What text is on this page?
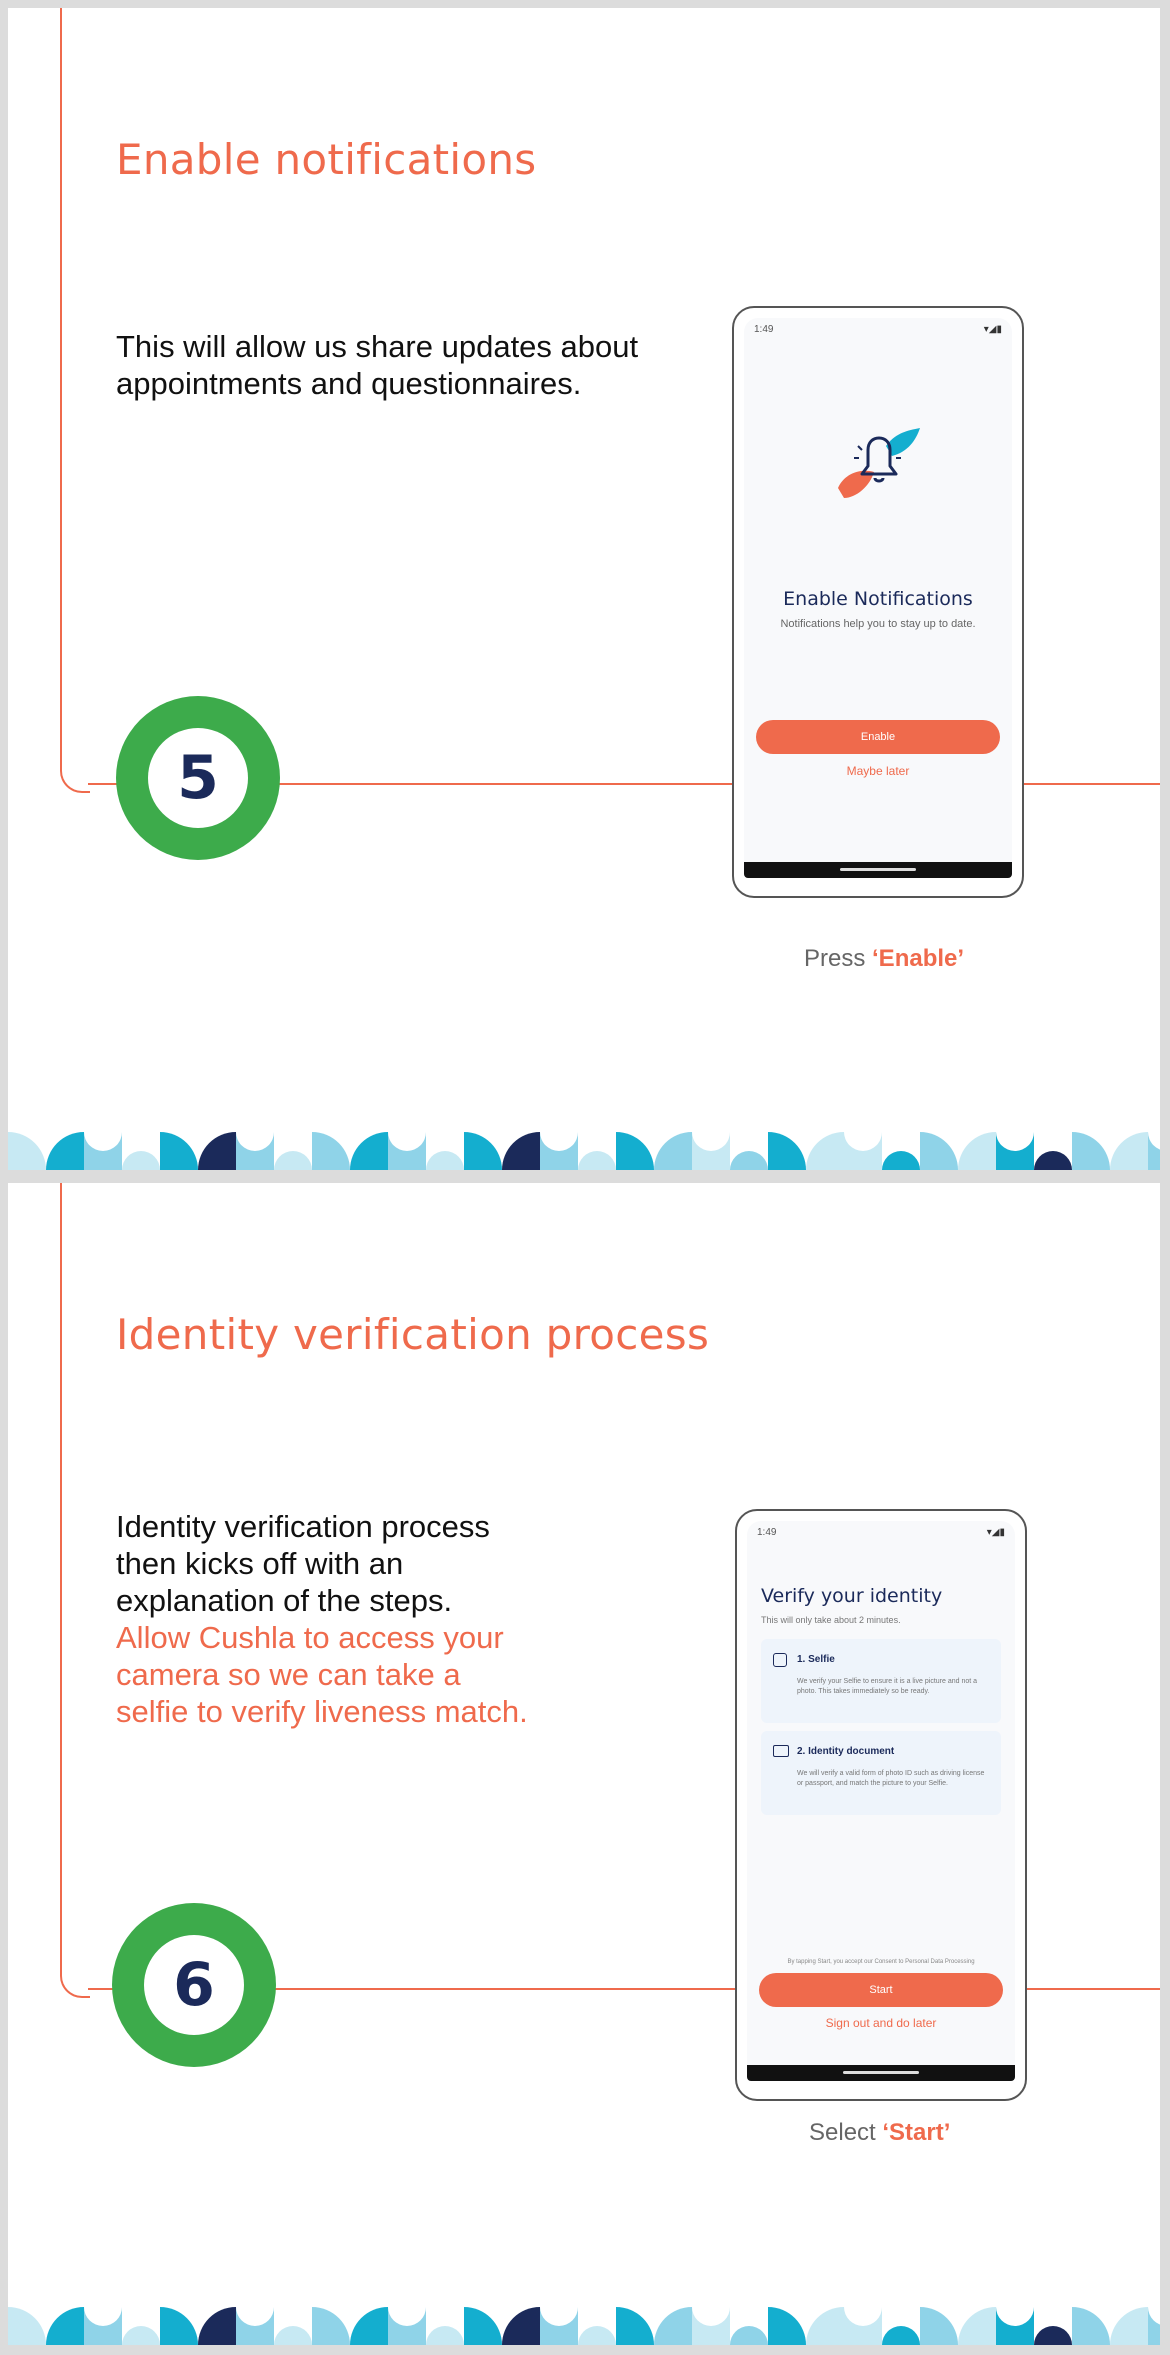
Enable notifications

This will allow us share updates about
appointments and questionnaires.

5
1:49	▾◢▮
Enable Notifications
Notifications help you to stay up to date.
Enable
Maybe later
Press ‘Enable’
Identity verification process

Identity verification process
then kicks off with an
explanation of the steps.
Allow Cushla to access your
camera so we can take a
selfie to verify liveness match.

6
1:49	▾◢▮
Verify your identity
This will only take about 2 minutes.
1. Selfie
We verify your Selfie to ensure it is a live picture and not a photo. This takes immediately so be ready.
2. Identity document
We will verify a valid form of photo ID such as driving license or passport, and match the picture to your Selfie.
By tapping Start, you accept our Consent to Personal Data Processing
Start
Sign out and do later
Select ‘Start’
